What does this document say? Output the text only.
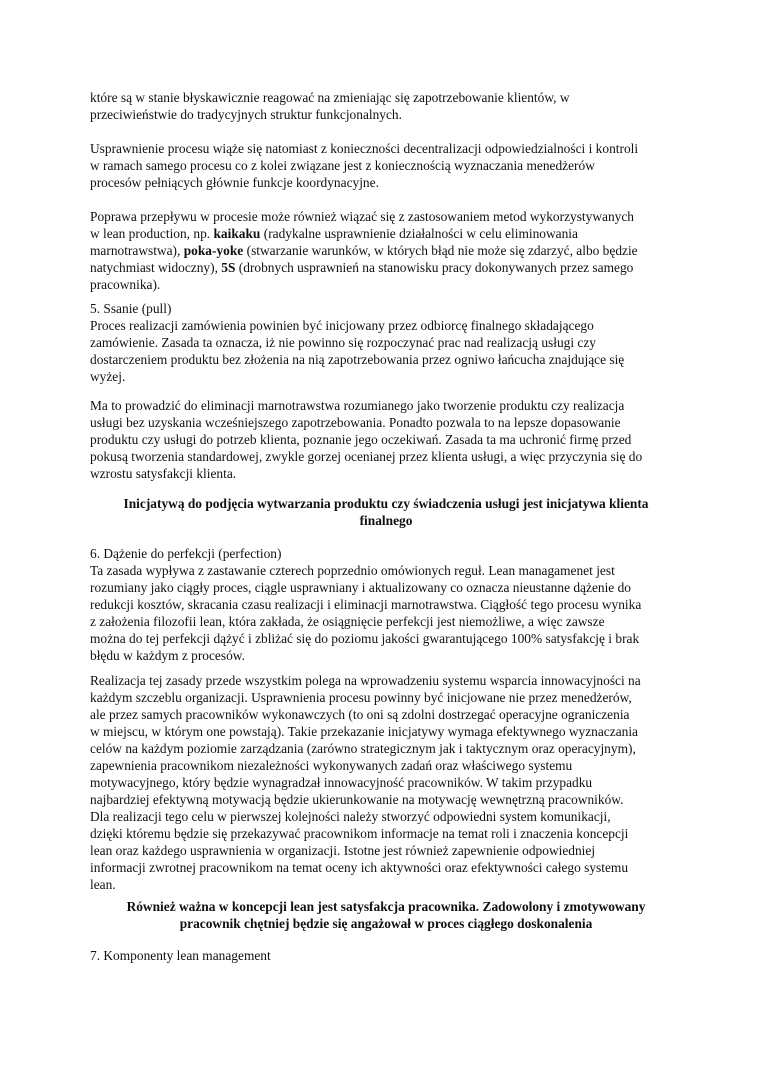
które są w stanie błyskawicznie reagować na zmieniając się zapotrzebowanie klientów, w
przeciwieństwie do tradycyjnych struktur funkcjonalnych.

Usprawnienie procesu wiąże się natomiast z konieczności decentralizacji odpowiedzialności i kontroli
w ramach samego procesu co z kolei związane jest z koniecznością wyznaczania menedżerów
procesów pełniących głównie funkcje koordynacyjne.

Poprawa przepływu w procesie może również wiązać się z zastosowaniem metod wykorzystywanych
w lean production, np. kaikaku (radykalne usprawnienie działalności w celu eliminowania
marnotrawstwa), poka-yoke (stwarzanie warunków, w których błąd nie może się zdarzyć, albo będzie
natychmiast widoczny), 5S (drobnych usprawnień na stanowisku pracy dokonywanych przez samego
pracownika).

5. Ssanie (pull)
Proces realizacji zamówienia powinien być inicjowany przez odbiorcę finalnego składającego
zamówienie. Zasada ta oznacza, iż nie powinno się rozpoczynać prac nad realizacją usługi czy
dostarczeniem produktu bez złożenia na nią zapotrzebowania przez ogniwo łańcucha znajdujące się
wyżej.

Ma to prowadzić do eliminacji marnotrawstwa rozumianego jako tworzenie produktu czy realizacja
usługi bez uzyskania wcześniejszego zapotrzebowania. Ponadto pozwala to na lepsze dopasowanie
produktu czy usługi do potrzeb klienta, poznanie jego oczekiwań. Zasada ta ma uchronić firmę przed
pokusą tworzenia standardowej, zwykle gorzej ocenianej przez klienta usługi, a więc przyczynia się do
wzrostu satysfakcji klienta.

Inicjatywą do podjęcia wytwarzania produktu czy świadczenia usługi jest inicjatywa klienta
finalnego

6. Dążenie do perfekcji (perfection)
Ta zasada wypływa z zastawanie czterech poprzednio omówionych reguł. Lean managamenet jest
rozumiany jako ciągły proces, ciągle usprawniany i aktualizowany co oznacza nieustanne dążenie do
redukcji kosztów, skracania czasu realizacji i eliminacji marnotrawstwa. Ciągłość tego procesu wynika
z założenia filozofii lean, która zakłada, że osiągnięcie perfekcji jest niemożliwe, a więc zawsze
można do tej perfekcji dążyć i zbliżać się do poziomu jakości gwarantującego 100% satysfakcję i brak
błędu w każdym z procesów.

Realizacja tej zasady przede wszystkim polega na wprowadzeniu systemu wsparcia innowacyjności na
każdym szczeblu organizacji. Usprawnienia procesu powinny być inicjowane nie przez menedżerów,
ale przez samych pracowników wykonawczych (to oni są zdolni dostrzegać operacyjne ograniczenia
w miejscu, w którym one powstają). Takie przekazanie inicjatywy wymaga efektywnego wyznaczania
celów na każdym poziomie zarządzania (zarówno strategicznym jak i taktycznym oraz operacyjnym),
zapewnienia pracownikom niezależności wykonywanych zadań oraz właściwego systemu
motywacyjnego, który będzie wynagradzał innowacyjność pracowników. W takim przypadku
najbardziej efektywną motywacją będzie ukierunkowanie na motywację wewnętrzną pracowników.
Dla realizacji tego celu w pierwszej kolejności należy stworzyć odpowiedni system komunikacji,
dzięki któremu będzie się przekazywać pracownikom informacje na temat roli i znaczenia koncepcji
lean oraz każdego usprawnienia w organizacji. Istotne jest również zapewnienie odpowiedniej
informacji zwrotnej pracownikom na temat oceny ich aktywności oraz efektywności całego systemu
lean.

Również ważna w koncepcji lean jest satysfakcja pracownika. Zadowolony i zmotywowany
pracownik chętniej będzie się angażował w proces ciągłego doskonalenia

7. Komponenty lean management
